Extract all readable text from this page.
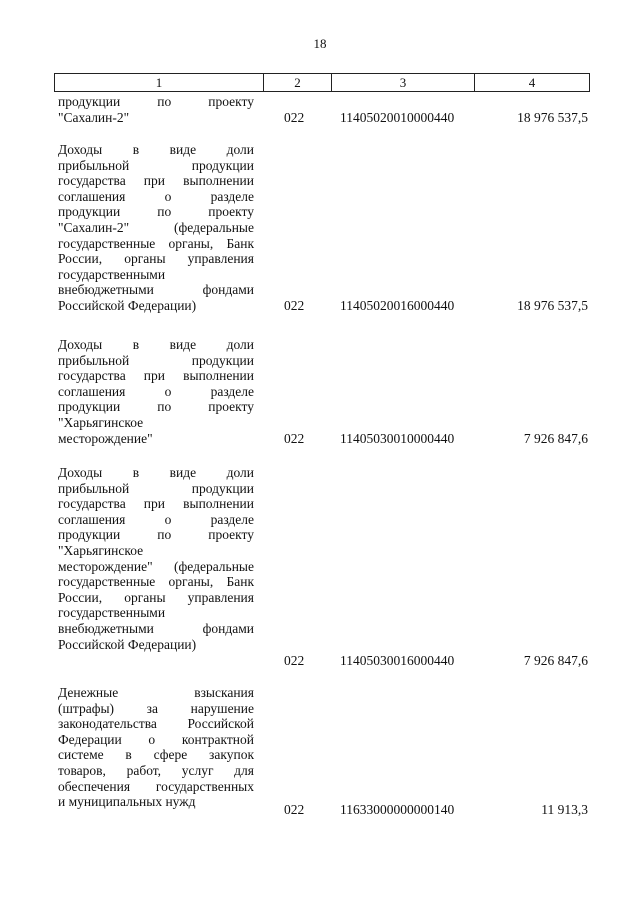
18
1	2	3	4
продукции по проекту
"Сахалин-2"	022	11405020010000440	18 976 537,5
Доходы в виде доли
прибыльной продукции
государства при выполнении
соглашения о разделе
продукции по проекту
"Сахалин-2" (федеральные
государственные органы, Банк
России, органы управления
государственными
внебюджетными фондами
Российской Федерации)	022	11405020016000440	18 976 537,5
Доходы в виде доли
прибыльной продукции
государства при выполнении
соглашения о разделе
продукции по проекту
"Харьягинское
месторождение"	022	11405030010000440	7 926 847,6
Доходы в виде доли
прибыльной продукции
государства при выполнении
соглашения о разделе
продукции по проекту
"Харьягинское
месторождение" (федеральные
государственные органы, Банк
России, органы управления
государственными
внебюджетными фондами
Российской Федерации)
022	11405030016000440	7 926 847,6
Денежные взыскания
(штрафы) за нарушение
законодательства Российской
Федерации о контрактной
системе в сфере закупок
товаров, работ, услуг для
обеспечения государственных
и муниципальных нужд
022	11633000000000140	11 913,3
